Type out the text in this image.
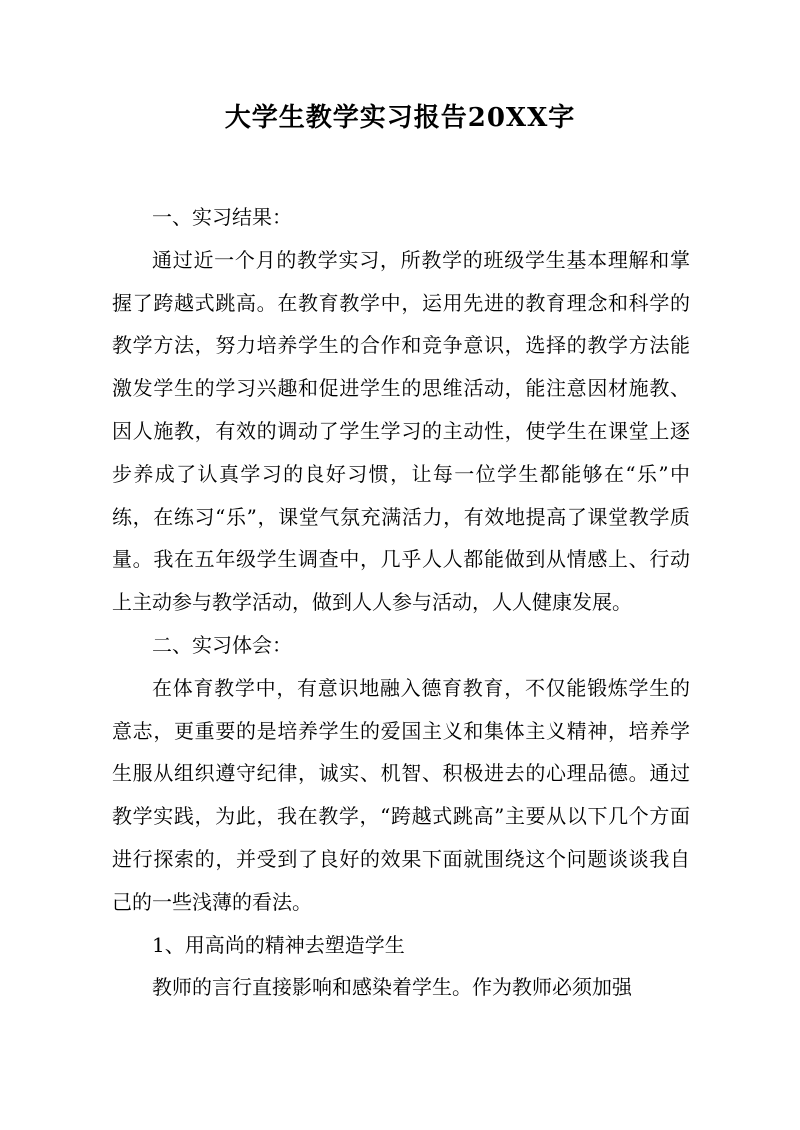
大学生教学实习报告20XX字

一、实习结果：

通过近一个月的教学实习，所教学的班级学生基本理解和掌握了跨越式跳高。在教育教学中，运用先进的教育理念和科学的教学方法，努力培养学生的合作和竞争意识，选择的教学方法能激发学生的学习兴趣和促进学生的思维活动，能注意因材施教、因人施教，有效的调动了学生学习的主动性，使学生在课堂上逐步养成了认真学习的良好习惯，让每一位学生都能够在“乐”中练，在练习“乐”，课堂气氛充满活力，有效地提高了课堂教学质量。我在五年级学生调查中，几乎人人都能做到从情感上、行动上主动参与教学活动，做到人人参与活动，人人健康发展。

二、实习体会：

在体育教学中，有意识地融入德育教育，不仅能锻炼学生的意志，更重要的是培养学生的爱国主义和集体主义精神，培养学生服从组织遵守纪律，诚实、机智、积极进去的心理品德。通过教学实践，为此，我在教学，“跨越式跳高”主要从以下几个方面进行探索的，并受到了良好的效果下面就围绕这个问题谈谈我自己的一些浅薄的看法。

1、用高尚的精神去塑造学生

教师的言行直接影响和感染着学生。作为教师必须加强
